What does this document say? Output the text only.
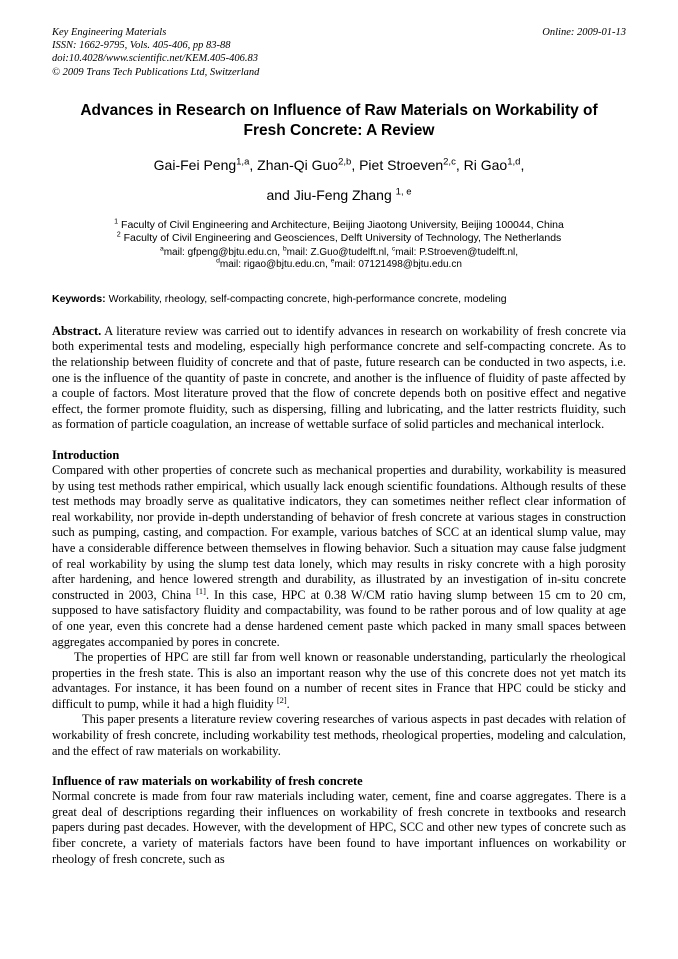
Online: 2009-01-13
Key Engineering Materials
ISSN: 1662-9795, Vols. 405-406, pp 83-88
doi:10.4028/www.scientific.net/KEM.405-406.83
© 2009 Trans Tech Publications Ltd, Switzerland
Advances in Research on Influence of Raw Materials on Workability of
Fresh Concrete: A Review
Gai-Fei Peng$^{1,a}$, Zhan-Qi Guo$^{2,b}$, Piet Stroeven$^{2,c}$, Ri Gao$^{1,d}$,
and Jiu-Feng Zhang $^{1, e}$
$^1$ Faculty of Civil Engineering and Architecture, Beijing Jiaotong University, Beijing 100044, China
$^2$ Faculty of Civil Engineering and Geosciences, Delft University of Technology, The Netherlands
$^a$mail: gfpeng@bjtu.edu.cn, $^b$mail: Z.Guo@tudelft.nl, $^c$mail: P.Stroeven@tudelft.nl,
$^d$mail: rigao@bjtu.edu.cn, $^e$mail: 07121498@bjtu.edu.cn
Keywords: Workability, rheology, self-compacting concrete, high-performance concrete, modeling
Abstract. A literature review was carried out to identify advances in research on workability of fresh concrete via both experimental tests and modeling, especially high performance concrete and self-compacting concrete. As to the relationship between fluidity of concrete and that of paste, future research can be conducted in two aspects, i.e. one is the influence of the quantity of paste in concrete, and another is the influence of fluidity of paste affected by a couple of factors. Most literature proved that the flow of concrete depends both on positive effect and negative effect, the former promote fluidity, such as dispersing, filling and lubricating, and the latter restricts fluidity, such as formation of particle coagulation, an increase of wettable surface of solid particles and mechanical interlock.
Introduction

Compared with other properties of concrete such as mechanical properties and durability, workability is measured by using test methods rather empirical, which usually lack enough scientific foundations. Although results of these test methods may broadly serve as qualitative indicators, they can sometimes neither reflect clear information of real workability, nor provide in-depth understanding of behavior of fresh concrete at various stages in construction such as pumping, casting, and compaction. For example, various batches of SCC at an identical slump value, may have a considerable difference between themselves in flowing behavior. Such a situation may cause false judgment of real workability by using the slump test data lonely, which may results in risky concrete with a high porosity after hardening, and hence lowered strength and durability, as illustrated by an investigation of in-situ concrete constructed in 2003, China [1]. In this case, HPC at 0.38 W/CM ratio having slump between 15 cm to 20 cm, supposed to have satisfactory fluidity and compactability, was found to be rather porous and of low quality at age of one year, even this concrete had a dense hardened cement paste which packed in many small spaces between aggregates accompanied by pores in concrete.

The properties of HPC are still far from well known or reasonable understanding, particularly the rheological properties in the fresh state. This is also an important reason why the use of this concrete does not yet match its advantages. For instance, it has been found on a number of recent sites in France that HPC could be sticky and difficult to pump, while it had a high fluidity [2].

This paper presents a literature review covering researches of various aspects in past decades with relation of workability of fresh concrete, including workability test methods, rheological properties, modeling and calculation, and the effect of raw materials on workability.

Influence of raw materials on workability of fresh concrete

Normal concrete is made from four raw materials including water, cement, fine and coarse aggregates. There is a great deal of descriptions regarding their influences on workability of fresh concrete in textbooks and research papers during past decades. However, with the development of HPC, SCC and other new types of concrete such as fiber concrete, a variety of materials factors have been found to have important influences on workability or rheology of fresh concrete, such as
